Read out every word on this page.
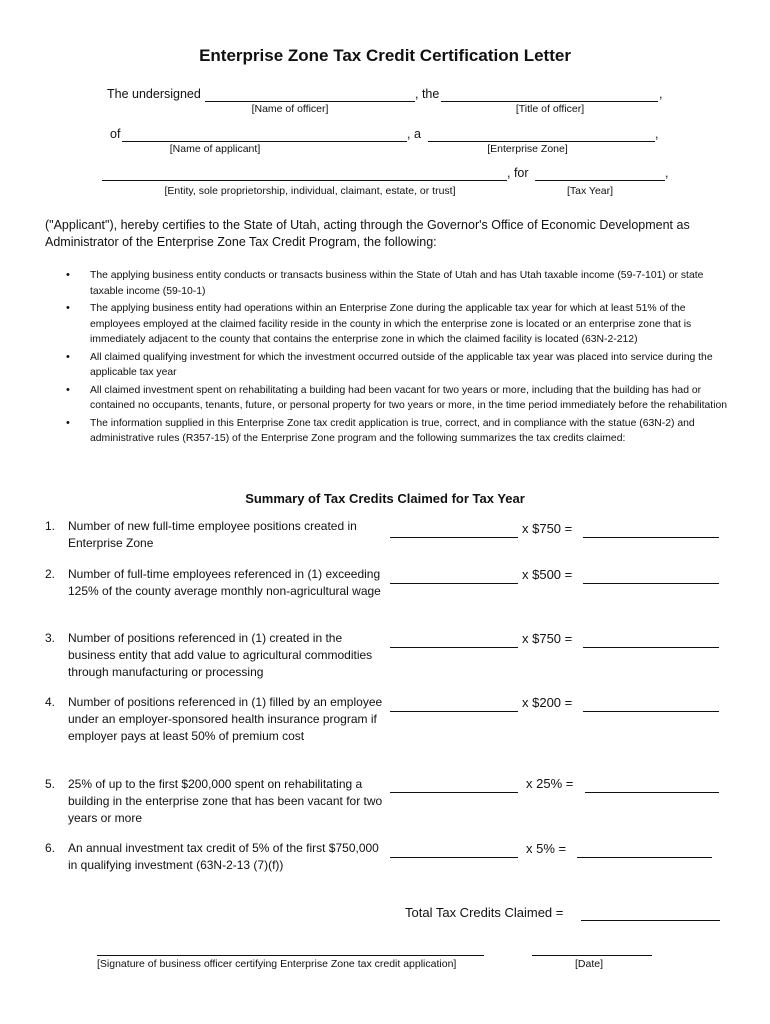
Enterprise Zone Tax Credit Certification Letter
The undersigned	, the	,
[Name of officer]	[Title of officer]
of	, a	,
[Name of applicant]	[Enterprise Zone]
, for	,
[Entity, sole proprietorship, individual, claimant, estate, or trust]	[Tax Year]
("Applicant"), hereby certifies to the State of Utah, acting through the Governor's Office of Economic Development as Administrator of the Enterprise Zone Tax Credit Program, the following:
• The applying business entity conducts or transacts business within the State of Utah and has Utah taxable income (59-7-101) or state taxable income (59-10-1)
• The applying business entity had operations within an Enterprise Zone during the applicable tax year for which at least 51% of the employees employed at the claimed facility reside in the county in which the enterprise zone is located or an enterprise zone that is immediately adjacent to the county that contains the enterprise zone in which the claimed facility is located (63N-2-212)
• All claimed qualifying investment for which the investment occurred outside of the applicable tax year was placed into service during the applicable tax year
• All claimed investment spent on rehabilitating a building had been vacant for two years or more, including that the building has had or contained no occupants, tenants, future, or personal property for two years or more, in the time period immediately before the rehabilitation
• The information supplied in this Enterprise Zone tax credit application is true, correct, and in compliance with the statue (63N-2) and administrative rules (R357-15) of the Enterprise Zone program and the following summarizes the tax credits claimed:
Summary of Tax Credits Claimed for Tax Year
1. Number of new full-time employee positions created in Enterprise Zone
x $750 =
2. Number of full-time employees referenced in (1) exceeding 125% of the county average monthly non-agricultural wage
x $500 =
3. Number of positions referenced in (1) created in the business entity that add value to agricultural commodities through manufacturing or processing
x $750 =
4. Number of positions referenced in (1) filled by an employee under an employer-sponsored health insurance program if employer pays at least 50% of premium cost
x $200 =
5. 25% of up to the first $200,000 spent on rehabilitating a building in the enterprise zone that has been vacant for two years or more
x 25% =
6. An annual investment tax credit of 5% of the first $750,000 in qualifying investment (63N-2-13 (7)(f))
x 5% =
Total Tax Credits Claimed =
[Signature of business officer certifying Enterprise Zone tax credit application]	[Date]
